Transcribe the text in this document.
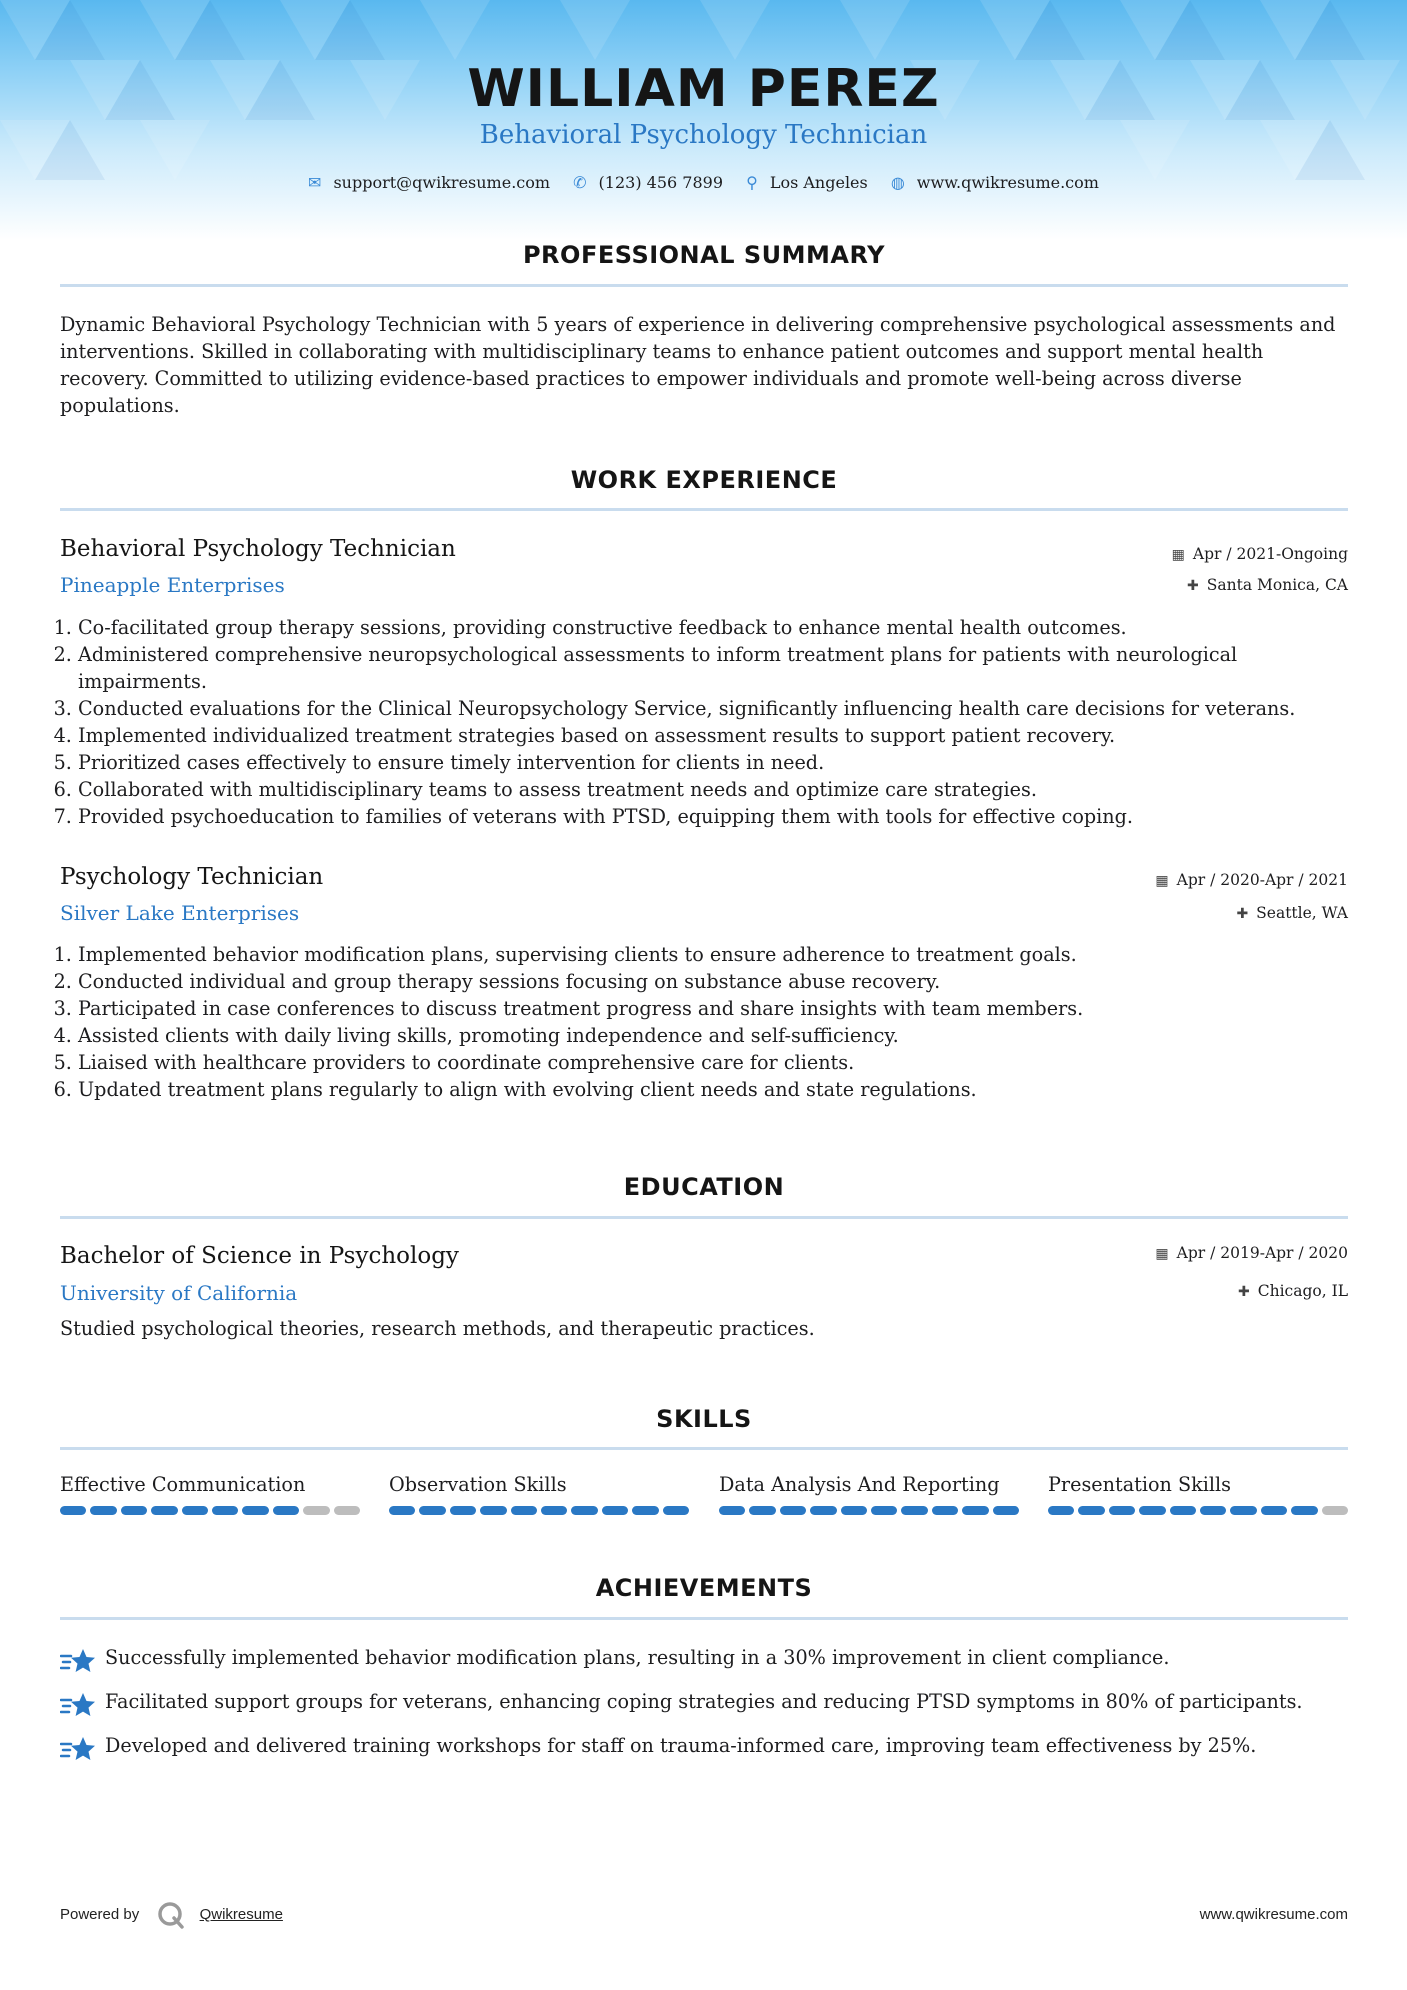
WILLIAM PEREZ
Behavioral Psychology Technician
✉ support@qwikresume.com ✆ (123) 456 7899 ⚲ Los Angeles ◍ www.qwikresume.com
PROFESSIONAL SUMMARY
Dynamic Behavioral Psychology Technician with 5 years of experience in delivering comprehensive psychological assessments and interventions. Skilled in collaborating with multidisciplinary teams to enhance patient outcomes and support mental health recovery. Committed to utilizing evidence-based practices to empower individuals and promote well-being across diverse populations.
WORK EXPERIENCE
Behavioral Psychology Technician
Pineapple Enterprises
▦ Apr / 2021-Ongoing
✚ Santa Monica, CA
1. Co-facilitated group therapy sessions, providing constructive feedback to enhance mental health outcomes.
2. Administered comprehensive neuropsychological assessments to inform treatment plans for patients with neurological impairments.
3. Conducted evaluations for the Clinical Neuropsychology Service, significantly influencing health care decisions for veterans.
4. Implemented individualized treatment strategies based on assessment results to support patient recovery.
5. Prioritized cases effectively to ensure timely intervention for clients in need.
6. Collaborated with multidisciplinary teams to assess treatment needs and optimize care strategies.
7. Provided psychoeducation to families of veterans with PTSD, equipping them with tools for effective coping.
Psychology Technician
Silver Lake Enterprises
▦ Apr / 2020-Apr / 2021
✚ Seattle, WA
1. Implemented behavior modification plans, supervising clients to ensure adherence to treatment goals.
2. Conducted individual and group therapy sessions focusing on substance abuse recovery.
3. Participated in case conferences to discuss treatment progress and share insights with team members.
4. Assisted clients with daily living skills, promoting independence and self-sufficiency.
5. Liaised with healthcare providers to coordinate comprehensive care for clients.
6. Updated treatment plans regularly to align with evolving client needs and state regulations.
EDUCATION
Bachelor of Science in Psychology
University of California
▦ Apr / 2019-Apr / 2020
✚ Chicago, IL
Studied psychological theories, research methods, and therapeutic practices.
SKILLS
Effective Communication	Observation Skills	Data Analysis And Reporting	Presentation Skills
ACHIEVEMENTS
Successfully implemented behavior modification plans, resulting in a 30% improvement in client compliance.
Facilitated support groups for veterans, enhancing coping strategies and reducing PTSD symptoms in 80% of participants.
Developed and delivered training workshops for staff on trauma-informed care, improving team effectiveness by 25%.
Powered by	Qwikresume	www.qwikresume.com
